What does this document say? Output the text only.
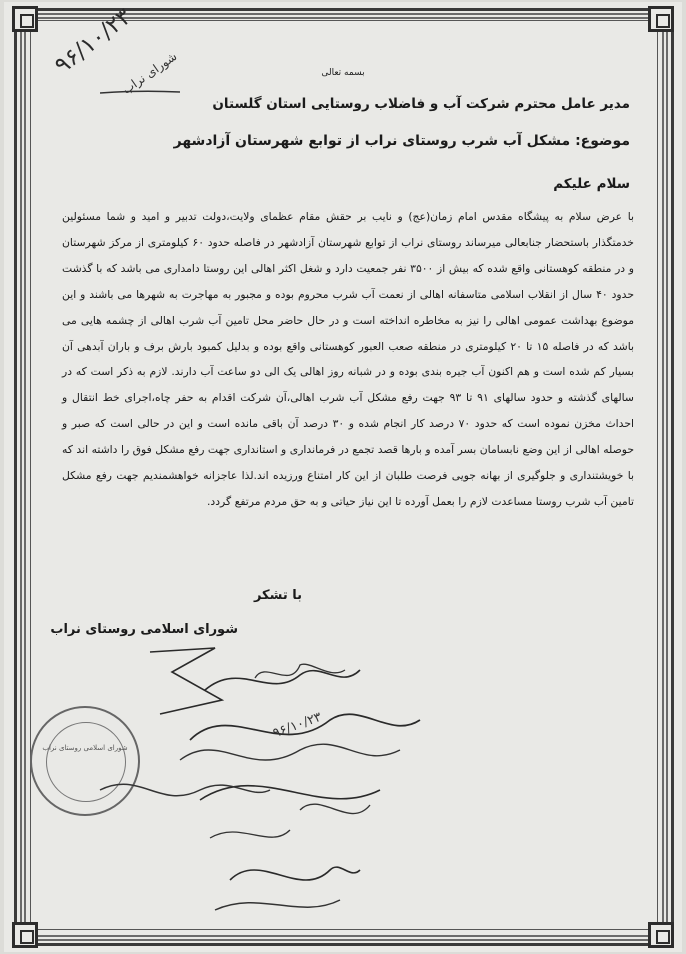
۹۶/۱۰/۲۳
شورای نراب	بسمه تعالی
مدیر عامل محترم شرکت آب و فاضلاب روستایی استان گلستان
موضوع: مشکل آب شرب روستای نراب از توابع شهرستان آزادشهر
سلام علیکم
با عرض سلام به پیشگاه مقدس امام زمان(عج) و نایب بر حقش مقام عظمای ولایت،دولت تدبیر و امید و شما مسئولین خدمتگذار باستحضار جنابعالی میرساند روستای نراب از توابع شهرستان آزادشهر در فاصله حدود ۶۰ کیلومتری از مرکز شهرستان و در منطقه کوهستانی واقع شده که بیش از ۳۵۰۰ نفر جمعیت دارد و شغل اکثر اهالی این روستا دامداری می باشد که با گذشت حدود ۴۰ سال از انقلاب اسلامی متاسفانه اهالی از نعمت آب شرب محروم بوده و مجبور به مهاجرت به شهرها می باشند و این موضوع بهداشت عمومی اهالی را نیز به مخاطره انداخته است و در حال حاضر محل تامین آب شرب اهالی از چشمه هایی می باشد که در فاصله ۱۵ تا ۲۰ کیلومتری در منطقه صعب العبور کوهستانی واقع بوده و بدلیل کمبود بارش برف و باران آبدهی آن بسیار کم شده است و هم اکنون آب جیره بندی بوده و در شبانه روز اهالی یک الی دو ساعت آب دارند. لازم به ذکر است که در سالهای گذشته و حدود سالهای ۹۱ تا ۹۳ جهت رفع مشکل آب شرب اهالی،آن شرکت اقدام به حفر چاه،اجرای خط انتقال و احداث مخزن نموده است که حدود ۷۰ درصد کار انجام شده و ۳۰ درصد آن باقی مانده است و این در حالی است که صبر و حوصله اهالی از این وضع نابسامان بسر آمده و بارها قصد تجمع در فرمانداری و استانداری جهت رفع مشکل فوق را داشته اند که با خویشتنداری و جلوگیری از بهانه جویی فرصت طلبان از این کار امتناع ورزیده اند.لذا عاجزانه خواهشمندیم جهت رفع مشکل تامین آب شرب روستا مساعدت لازم را بعمل آورده تا این نیاز حیاتی و به حق مردم مرتفع گردد.
با تشکر
شورای اسلامی روستای نراب
شورای اسلامی روستای نراب
۹۶/۱۰/۲۳
